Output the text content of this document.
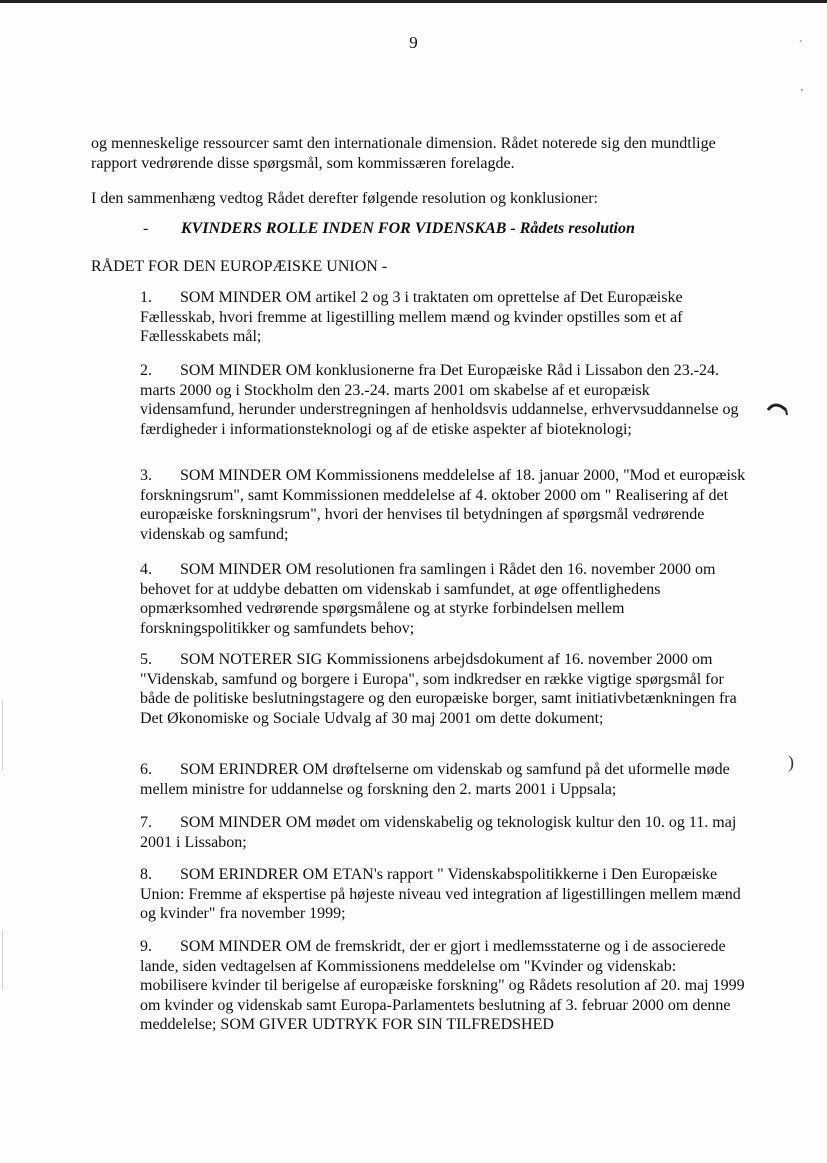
9

og menneskelige ressourcer samt den internationale dimension. Rådet noterede sig den mundtlige rapport vedrørende disse spørgsmål, som kommissæren forelagde.

I den sammenhæng vedtog Rådet derefter følgende resolution og konklusioner:

- KVINDERS ROLLE INDEN FOR VIDENSKAB - Rådets resolution
RÅDET FOR DEN EUROPÆISKE UNION -

1. SOM MINDER OM artikel 2 og 3 i traktaten om oprettelse af Det Europæiske Fællesskab, hvori fremme at ligestilling mellem mænd og kvinder opstilles som et af Fællesskabets mål;

2. SOM MINDER OM konklusionerne fra Det Europæiske Råd i Lissabon den 23.-24. marts 2000 og i Stockholm den 23.-24. marts 2001 om skabelse af et europæisk vidensamfund, herunder understregningen af henholdsvis uddannelse, erhvervsuddannelse og færdigheder i informationsteknologi og af de etiske aspekter af bioteknologi;

3. SOM MINDER OM Kommissionens meddelelse af 18. januar 2000, "Mod et europæisk forskningsrum", samt Kommissionen meddelelse af 4. oktober 2000 om " Realisering af det europæiske forskningsrum", hvori der henvises til betydningen af spørgsmål vedrørende videnskab og samfund;

4. SOM MINDER OM resolutionen fra samlingen i Rådet den 16. november 2000 om behovet for at uddybe debatten om videnskab i samfundet, at øge offentlighedens opmærksomhed vedrørende spørgsmålene og at styrke forbindelsen mellem forskningspolitikker og samfundets behov;

5. SOM NOTERER SIG Kommissionens arbejdsdokument af 16. november 2000 om "Videnskab, samfund og borgere i Europa", som indkredser en række vigtige spørgsmål for både de politiske beslutningstagere og den europæiske borger, samt initiativbetænkningen fra Det Økonomiske og Sociale Udvalg af 30 maj 2001 om dette dokument;

6. SOM ERINDRER OM drøftelserne om videnskab og samfund på det uformelle møde mellem ministre for uddannelse og forskning den 2. marts 2001 i Uppsala;

7. SOM MINDER OM mødet om videnskabelig og teknologisk kultur den 10. og 11. maj 2001 i Lissabon;

8. SOM ERINDRER OM ETAN's rapport " Videnskabspolitikkerne i Den Europæiske Union: Fremme af ekspertise på højeste niveau ved integration af ligestillingen mellem mænd og kvinder" fra november 1999;

9. SOM MINDER OM de fremskridt, der er gjort i medlemsstaterne og i de associerede lande, siden vedtagelsen af Kommissionens meddelelse om "Kvinder og videnskab: mobilisere kvinder til berigelse af europæiske forskning" og Rådets resolution af 20. maj 1999 om kvinder og videnskab samt Europa-Parlamentets beslutning af 3. februar 2000 om denne meddelelse; SOM GIVER UDTRYK FOR SIN TILFREDSHED

`
'
)
